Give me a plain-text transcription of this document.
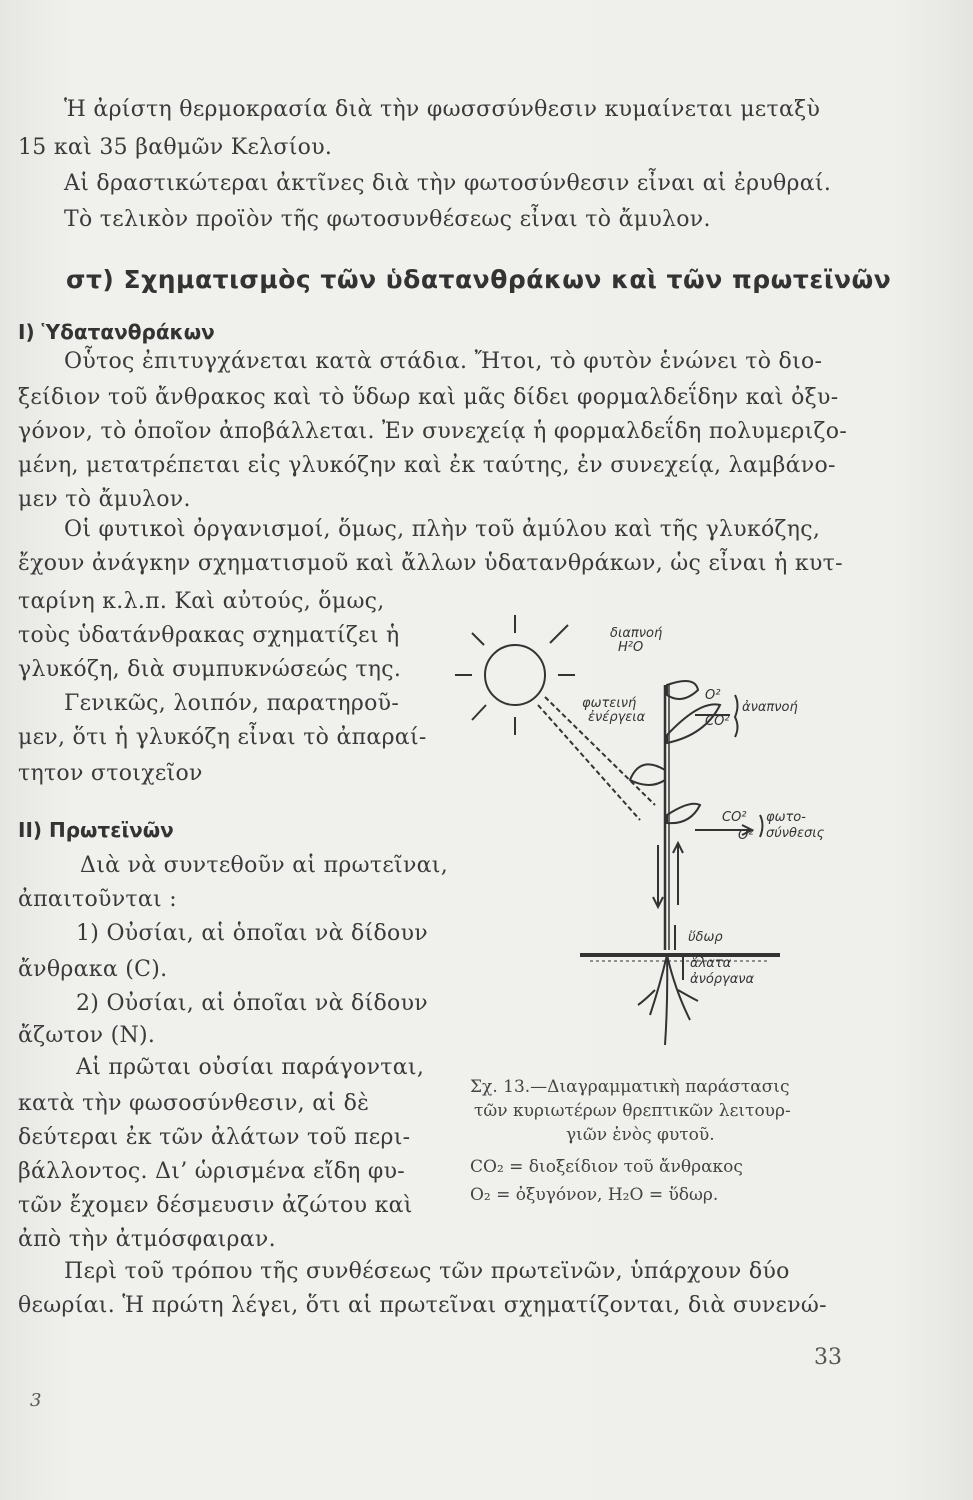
Ἡ ἀρίστη θερμοκρασία διὰ τὴν φωσσσύνθεσιν κυμαίνεται μεταξὺ
15 καὶ 35 βαθμῶν Κελσίου.
Αἱ δραστικώτεραι ἀκτῖνες διὰ τὴν φωτοσύνθεσιν εἶναι αἱ ἐρυθραί.
Τὸ τελικὸν προϊὸν τῆς φωτοσυνθέσεως εἶναι τὸ ἄμυλον.
στ) Σχηματισμὸς τῶν ὑδατανθράκων καὶ τῶν πρωτεϊνῶν
I) Ὑδατανθράκων
Οὗτος ἐπιτυγχάνεται κατὰ στάδια. Ἤτοι, τὸ φυτὸν ἑνώνει τὸ διο-
ξείδιον τοῦ ἄνθρακος καὶ τὸ ὕδωρ καὶ μᾶς δίδει φορμαλδεΐδην καὶ ὀξυ-
γόνον, τὸ ὁποῖον ἀποβάλλεται. Ἐν συνεχείᾳ ἡ φορμαλδεΐδη πολυμεριζο-
μένη, μετατρέπεται εἰς γλυκόζην καὶ ἐκ ταύτης, ἐν συνεχείᾳ, λαμβάνο-
μεν τὸ ἄμυλον.
Οἱ φυτικοὶ ὀργανισμοί, ὅμως, πλὴν τοῦ ἀμύλου καὶ τῆς γλυκόζης,
ἔχουν ἀνάγκην σχηματισμοῦ καὶ ἄλλων ὑδατανθράκων, ὡς εἶναι ἡ κυτ-
ταρίνη κ.λ.π. Καὶ αὐτούς, ὅμως,
τοὺς ὑδατάνθρακας σχηματίζει ἡ
γλυκόζη, διὰ συμπυκνώσεώς της.
Γενικῶς, λοιπόν, παρατηροῦ-
μεν, ὅτι ἡ γλυκόζη εἶναι τὸ ἀπαραί-
τητον στοιχεῖον
II) Πρωτεϊνῶν
Διὰ νὰ συντεθοῦν αἱ πρωτεῖναι,
ἀπαιτοῦνται :
1) Οὐσίαι, αἱ ὁποῖαι νὰ δίδουν
ἄνθρακα (C).
2) Οὐσίαι, αἱ ὁποῖαι νὰ δίδουν
ἄζωτον (N).
Αἱ πρῶται οὐσίαι παράγονται,
κατὰ τὴν φωσοσύνθεσιν, αἱ δὲ
δεύτεραι ἐκ τῶν ἀλάτων τοῦ περι-
βάλλοντος. Δι’ ὡρισμένα εἴδη φυ-
τῶν ἔχομεν δέσμευσιν ἀζώτου καὶ
ἀπὸ τὴν ἀτμόσφαιραν.
Περὶ τοῦ τρόπου τῆς συνθέσεως τῶν πρωτεϊνῶν, ὑπάρχουν δύο
θεωρίαι. Ἡ πρώτη λέγει, ὅτι αἱ πρωτεῖναι σχηματίζονται, διὰ συνενώ-
διαπνοή
H²O
φωτεινή
ἐνέργεια
O²
CO²
ἀναπνοή
CO²
O²
φωτο-
σύνθεσις
ὕδωρ
ἅλατα
ἀνόργανα
Σχ. 13.—Διαγραμματικὴ παράστασις
τῶν κυριωτέρων θρεπτικῶν λειτουρ-
γιῶν ἑνὸς φυτοῦ.
CO₂ = διοξείδιον τοῦ ἄνθρακος
O₂ = ὀξυγόνον, H₂O = ὕδωρ.
33
3
